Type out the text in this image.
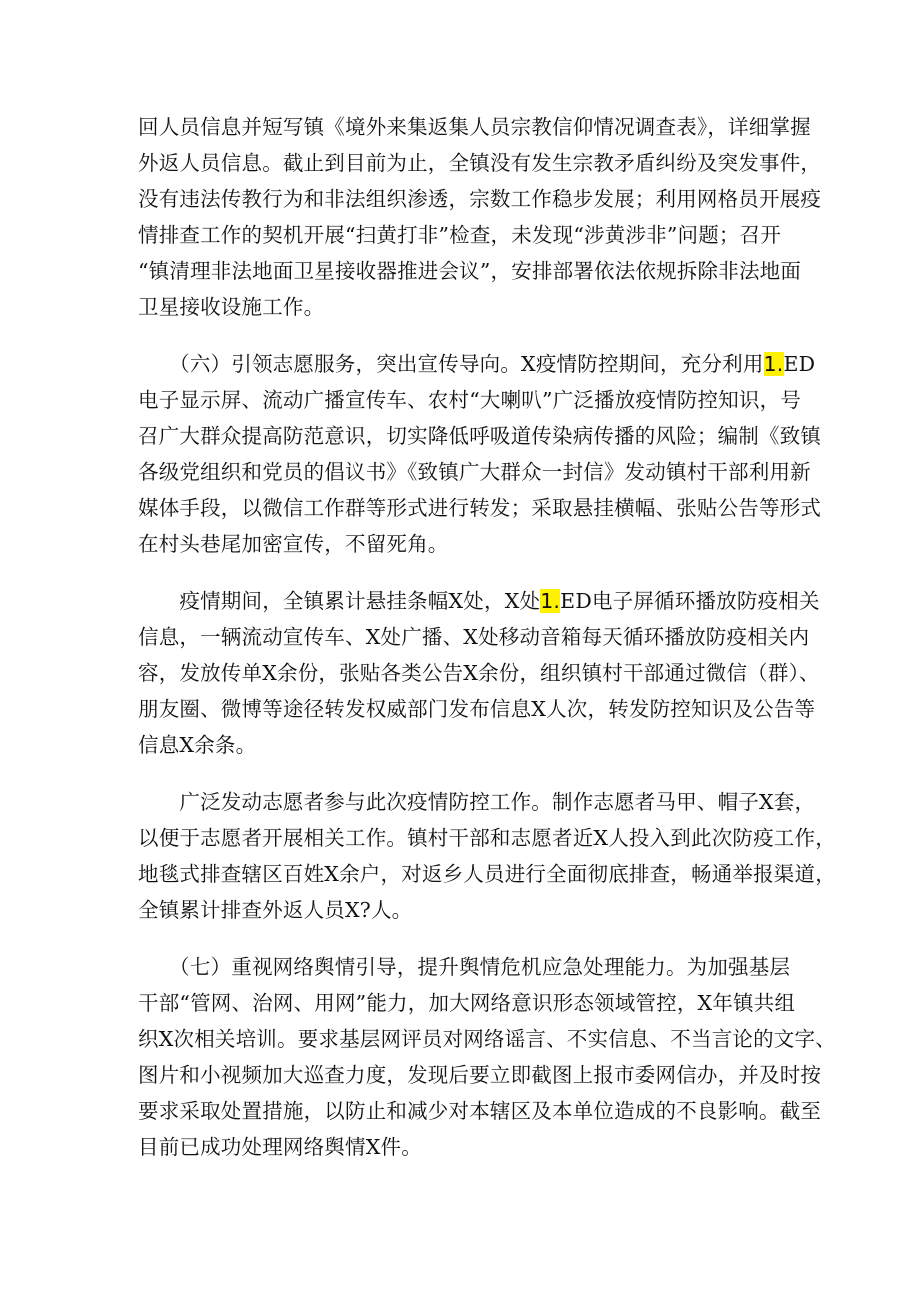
回人员信息并短写镇《境外来集返集人员宗教信仰情况调查表》，详细掌握
外返人员信息。截止到目前为止，全镇没有发生宗教矛盾纠纷及突发事件，
没有违法传教行为和非法组织渗透，宗数工作稳步发展；利用网格员开展疫
情排查工作的契机开展“扫黄打非”检查，未发现“涉黄涉非”问题；召开
“镇清理非法地面卫星接收器推进会议”，安排部署依法依规拆除非法地面
卫星接收设施工作。
　　（六）引领志愿服务，突出宣传导向。X疫情防控期间，充分利用1.ED
电子显示屏、流动广播宣传车、农村“大喇叭”广泛播放疫情防控知识，号
召广大群众提高防范意识，切实降低呼吸道传染病传播的风险；编制《致镇
各级党组织和党员的倡议书》《致镇广大群众一封信》发动镇村干部利用新
媒体手段，以微信工作群等形式进行转发；采取悬挂横幅、张贴公告等形式
在村头巷尾加密宣传，不留死角。
　　疫情期间，全镇累计悬挂条幅X处，X处1.ED电子屏循环播放防疫相关
信息，一辆流动宣传车、X处广播、X处移动音箱每天循环播放防疫相关内
容，发放传单X余份，张贴各类公告X余份，组织镇村干部通过微信（群）、
朋友圈、微博等途径转发权威部门发布信息X人次，转发防控知识及公告等
信息X余条。
　　广泛发动志愿者参与此次疫情防控工作。制作志愿者马甲、帽子X套，
以便于志愿者开展相关工作。镇村干部和志愿者近X人投入到此次防疫工作，
地毯式排查辖区百姓X余户，对返乡人员进行全面彻底排查，畅通举报渠道，
全镇累计排查外返人员X?人。
　　（七）重视网络舆情引导，提升舆情危机应急处理能力。为加强基层
干部“管网、治网、用网”能力，加大网络意识形态领域管控，X年镇共组
织X次相关培训。要求基层网评员对网络谣言、不实信息、不当言论的文字、
图片和小视频加大巡查力度，发现后要立即截图上报市委网信办，并及时按
要求采取处置措施，以防止和减少对本辖区及本单位造成的不良影响。截至
目前已成功处理网络舆情X件。
